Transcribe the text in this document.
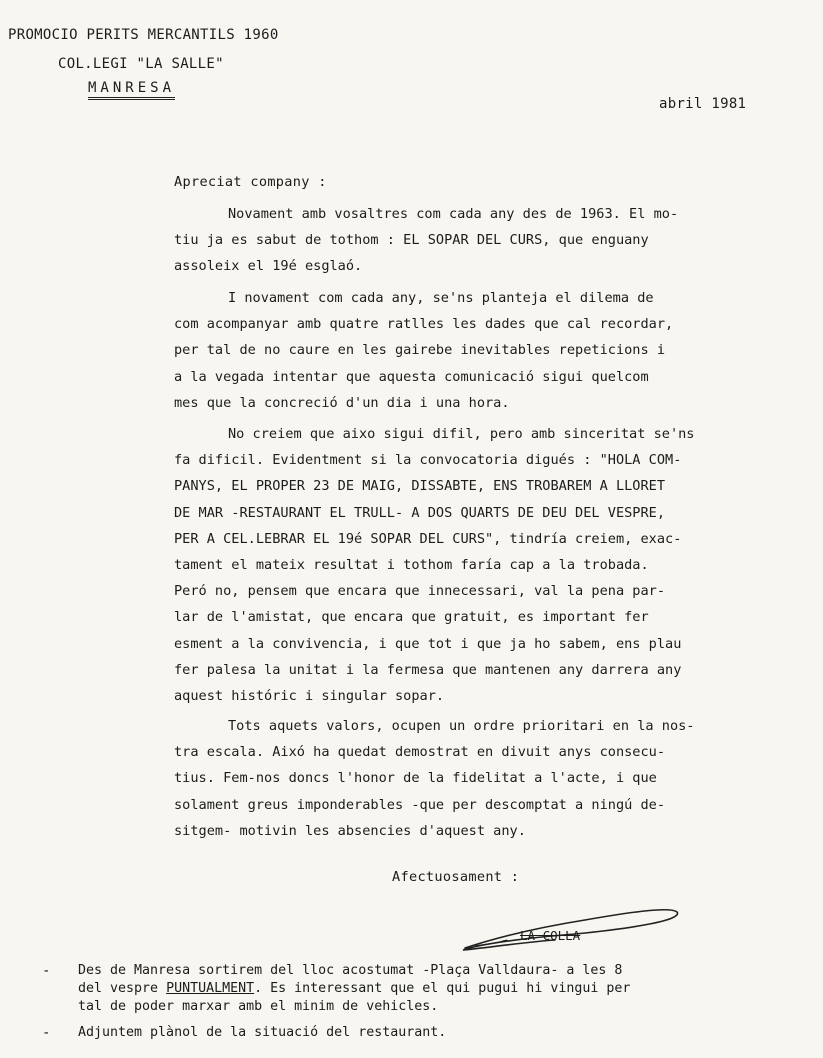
PROMOCIO PERITS MERCANTILS 1960
COL.LEGI "LA SALLE"
MANRESA
abril 1981
Apreciat company :
Novament amb vosaltres com cada any des de 1963. El mo-
tiu ja es sabut de tothom : EL SOPAR DEL CURS, que enguany
assoleix el 19é esglaó.
I novament com cada any, se'ns planteja el dilema de
com acompanyar amb quatre ratlles les dades que cal recordar,
per tal de no caure en les gairebe inevitables repeticions i
a la vegada intentar que aquesta comunicació sigui quelcom
mes que la concreció d'un dia i una hora.
No creiem que aixo sigui difil, pero amb sinceritat se'ns
fa dificil. Evidentment si la convocatoria digués : "HOLA COM-
PANYS, EL PROPER 23 DE MAIG, DISSABTE, ENS TROBAREM A LLORET
DE MAR -RESTAURANT EL TRULL- A DOS QUARTS DE DEU DEL VESPRE,
PER A CEL.LEBRAR EL 19é SOPAR DEL CURS", tindría creiem, exac-
tament el mateix resultat i tothom faría cap a la trobada.
Peró no, pensem que encara que innecessari, val la pena par-
lar de l'amistat, que encara que gratuit, es important fer
esment a la convivencia, i que tot i que ja ho sabem, ens plau
fer palesa la unitat i la fermesa que mantenen any darrera any
aquest históric i singular sopar.
Tots aquets valors, ocupen un ordre prioritari en la nos-
tra escala. Aixó ha quedat demostrat en divuit anys consecu-
tius. Fem-nos doncs l'honor de la fidelitat a l'acte, i que
solament greus imponderables -que per descomptat a ningú de-
sitgem- motivin les absencies d'aquest any.
Afectuosament :
LA COLLA
- Des de Manresa sortirem del lloc acostumat -Plaça Valldaura- a les 8
del vespre PUNTUALMENT. Es interessant que el qui pugui hi vingui per
tal de poder marxar amb el minim de vehicles.
- Adjuntem plànol de la situació del restaurant.
